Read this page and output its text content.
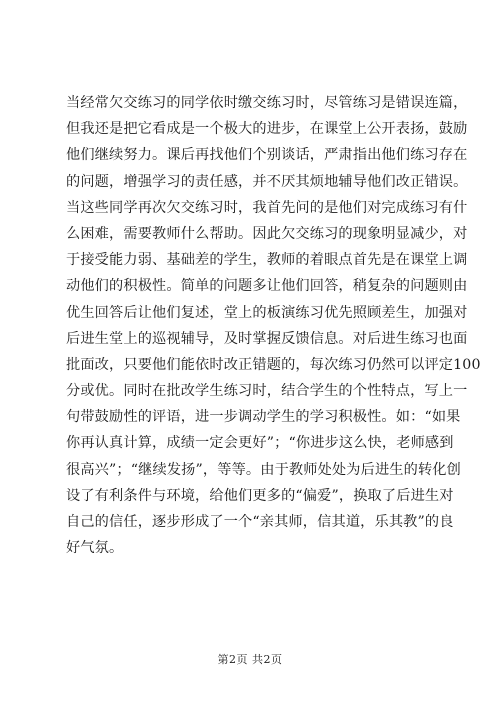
当经常欠交练习的同学依时缴交练习时，尽管练习是错误连篇，
但我还是把它看成是一个极大的进步，在课堂上公开表扬，鼓励
他们继续努力。课后再找他们个别谈话，严肃指出他们练习存在
的问题，增强学习的责任感，并不厌其烦地辅导他们改正错误。
当这些同学再次欠交练习时，我首先问的是他们对完成练习有什
么困难，需要教师什么帮助。因此欠交练习的现象明显减少，对
于接受能力弱、基础差的学生，教师的着眼点首先是在课堂上调
动他们的积极性。简单的问题多让他们回答，稍复杂的问题则由
优生回答后让他们复述，堂上的板演练习优先照顾差生，加强对
后进生堂上的巡视辅导，及时掌握反馈信息。对后进生练习也面
批面改，只要他们能依时改正错题的，每次练习仍然可以评定100
分或优。同时在批改学生练习时，结合学生的个性特点，写上一
句带鼓励性的评语，进一步调动学生的学习积极性。如：“如果
你再认真计算，成绩一定会更好”；“你进步这么快，老师感到
很高兴”；“继续发扬”，等等。由于教师处处为后进生的转化创
设了有利条件与环境，给他们更多的“偏爱”，换取了后进生对
自己的信任，逐步形成了一个“亲其师，信其道，乐其教”的良
好气氛。
第2页 共2页
